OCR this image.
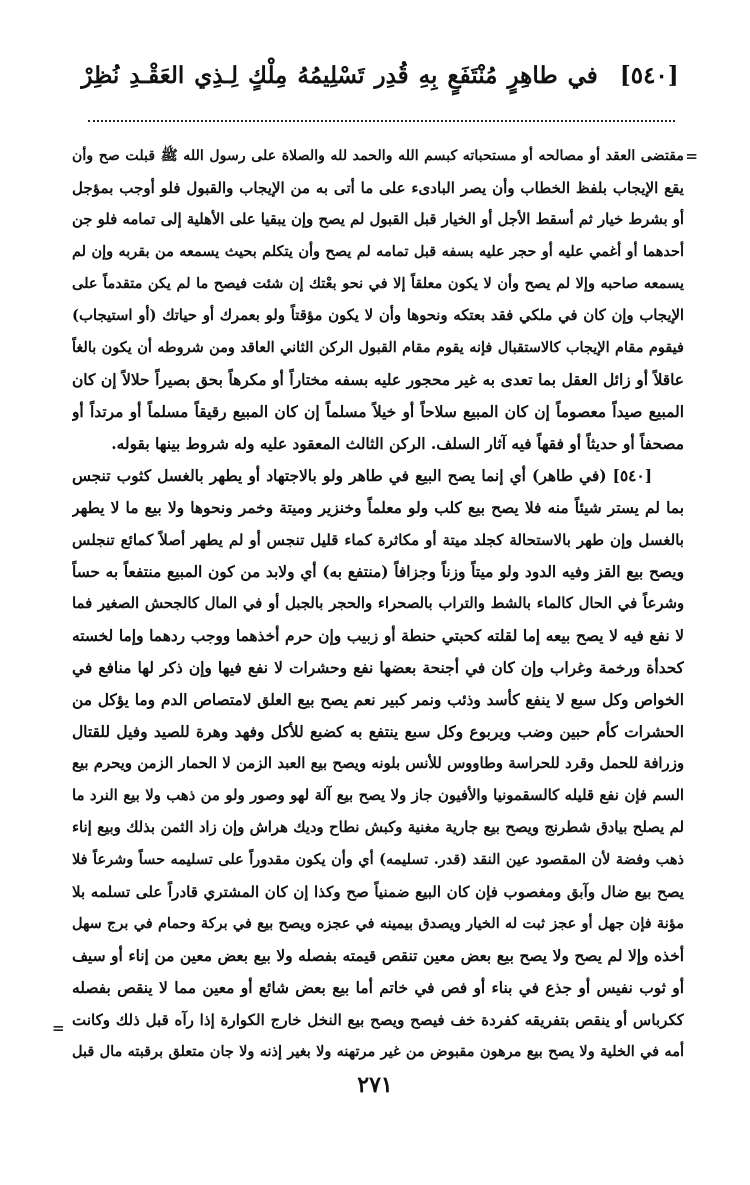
[٥٤٠] في طاهِرٍ مُنْتَفَعٍ بِهِ قُدِر تَسْلِيمُهُ مِلْكٍ لِـذِي العَقْـدِ نُظِرْ
=
مقتضى العقد أو مصالحه أو مستحباته كبسم الله والحمد لله والصلاة على رسول الله ﷺ قبلت صح وأن
يقع الإيجاب بلفظ الخطاب وأن يصر البادىء على ما أتى به من الإيجاب والقبول فلو أوجب بمؤجل
أو بشرط خيار ثم أسقط الأجل أو الخيار قبل القبول لم يصح وإن يبقيا على الأهلية إلى تمامه فلو جن
أحدهما أو أغمي عليه أو حجر عليه بسفه قبل تمامه لم يصح وأن يتكلم بحيث يسمعه من بقربه وإن لم
يسمعه صاحبه وإلا لم يصح وأن لا يكون معلقاً إلا في نحو بعْتك إن شئت فيصح ما لم يكن متقدماً على
الإيجاب وإن كان في ملكي فقد بعتكه ونحوها وأن لا يكون مؤقتاً ولو بعمرك أو حياتك (أو استيجاب)
فيقوم مقام الإيجاب كالاستقبال فإنه يقوم مقام القبول الركن الثاني العاقد ومن شروطه أن يكون بالغاً
عاقلاً أو زائل العقل بما تعدى به غير محجور عليه بسفه مختاراً أو مكرهاً بحق بصيراً حلالاً إن كان
المبيع صيداً معصوماً إن كان المبيع سلاحاً أو خيلاً مسلماً إن كان المبيع رقيقاً مسلماً أو مرتداً أو
مصحفاً أو حديثاً أو فقهاً فيه آثار السلف. الركن الثالث المعقود عليه وله شروط بينها بقوله.
[٥٤٠] (في طاهر) أي إنما يصح البيع في طاهر ولو بالاجتهاد أو يطهر بالغسل كثوب تنجس
بما لم يستر شيئاً منه فلا يصح بيع كلب ولو معلماً وخنزير وميتة وخمر ونحوها ولا بيع ما لا يطهر
بالغسل وإن طهر بالاستحالة كجلد ميتة أو مكاثرة كماء قليل تنجس أو لم يطهر أصلاً كمائع تنجلس
ويصح بيع القز وفيه الدود ولو ميتاً وزناً وجزافاً (منتفع به) أي ولابد من كون المبيع منتفعاً به حساً
وشرعاً في الحال كالماء بالشط والتراب بالصحراء والحجر بالجبل أو في المال كالجحش الصغير فما
لا نفع فيه لا يصح بيعه إما لقلته كحبتي حنطة أو زبيب وإن حرم أخذهما ووجب ردهما وإما لخسته
كحدأة ورخمة وغراب وإن كان في أجنحة بعضها نفع وحشرات لا نفع فيها وإن ذكر لها منافع في
الخواص وكل سبع لا ينفع كأسد وذئب ونمر كبير نعم يصح بيع العلق لامتصاص الدم وما يؤكل من
الحشرات كأم حبين وضب ويربوع وكل سبع ينتفع به كضبع للأكل وفهد وهرة للصيد وفيل للقتال
وزرافة للحمل وقرد للحراسة وطاووس للأنس بلونه ويصح بيع العبد الزمن لا الحمار الزمن ويحرم بيع
السم فإن نفع قليله كالسقمونيا والأفيون جاز ولا يصح بيع آلة لهو وصور ولو من ذهب ولا بيع النرد ما
لم يصلح بيادق شطرنج ويصح بيع جارية مغنية وكبش نطاح وديك هراش وإن زاد الثمن بذلك وبيع إناء
ذهب وفضة لأن المقصود عين النقد (قدر. تسليمه) أي وأن يكون مقدوراً على تسليمه حساً وشرعاً فلا
يصح بيع ضال وآبق ومغصوب فإن كان البيع ضمنياً صح وكذا إن كان المشتري قادراً على تسلمه بلا
مؤنة فإن جهل أو عجز ثبت له الخيار ويصدق بيمينه في عجزه ويصح بيع في بركة وحمام في برج سهل
أخذه وإلا لم يصح ولا يصح بيع بعض معين تنقص قيمته بفصله ولا بيع بعض معين من إناء أو سيف
أو ثوب نفيس أو جذع في بناء أو فص في خاتم أما بيع بعض شائع أو معين مما لا ينقص بفصله
ككرباس أو ينقص بتفريقه كفردة خف فيصح ويصح بيع النخل خارج الكوارة إذا رآه قبل ذلك وكانت
أمه في الخلية ولا يصح بيع مرهون مقبوض من غير مرتهنه ولا بغير إذنه ولا جان متعلق برقبته مال قبل
=
٢٧١
